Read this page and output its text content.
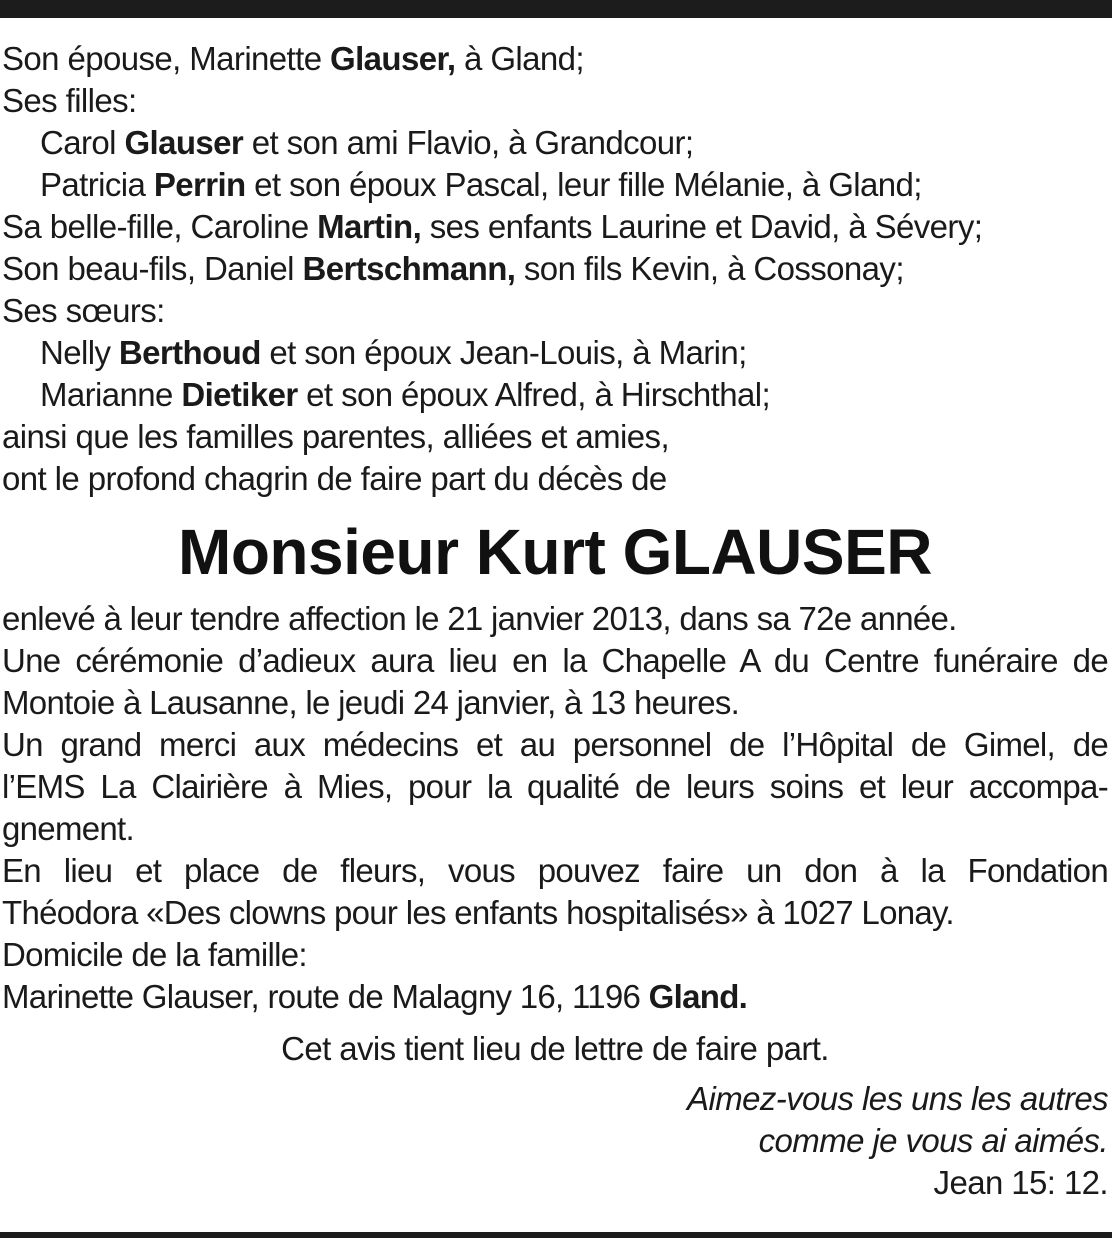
Son épouse, Marinette Glauser, à Gland;
Ses filles:
Carol Glauser et son ami Flavio, à Grandcour;
Patricia Perrin et son époux Pascal, leur fille Mélanie, à Gland;
Sa belle-fille, Caroline Martin, ses enfants Laurine et David, à Sévery;
Son beau-fils, Daniel Bertschmann, son fils Kevin, à Cossonay;
Ses sœurs:
Nelly Berthoud et son époux Jean-Louis, à Marin;
Marianne Dietiker et son époux Alfred, à Hirschthal;
ainsi que les familles parentes, alliées et amies,
ont le profond chagrin de faire part du décès de
Monsieur Kurt GLAUSER
enlevé à leur tendre affection le 21 janvier 2013, dans sa 72e année.
Une cérémonie d’adieux aura lieu en la Chapelle A du Centre funéraire de
Montoie à Lausanne, le jeudi 24 janvier, à 13 heures.
Un grand merci aux médecins et au personnel de l’Hôpital de Gimel, de
l’EMS La Clairière à Mies, pour la qualité de leurs soins et leur accompa-
gnement.
En lieu et place de fleurs, vous pouvez faire un don à la Fondation
Théodora «Des clowns pour les enfants hospitalisés» à 1027 Lonay.
Domicile de la famille:
Marinette Glauser, route de Malagny 16, 1196 Gland.
Cet avis tient lieu de lettre de faire part.
Aimez-vous les uns les autres
comme je vous ai aimés.
Jean 15: 12.
